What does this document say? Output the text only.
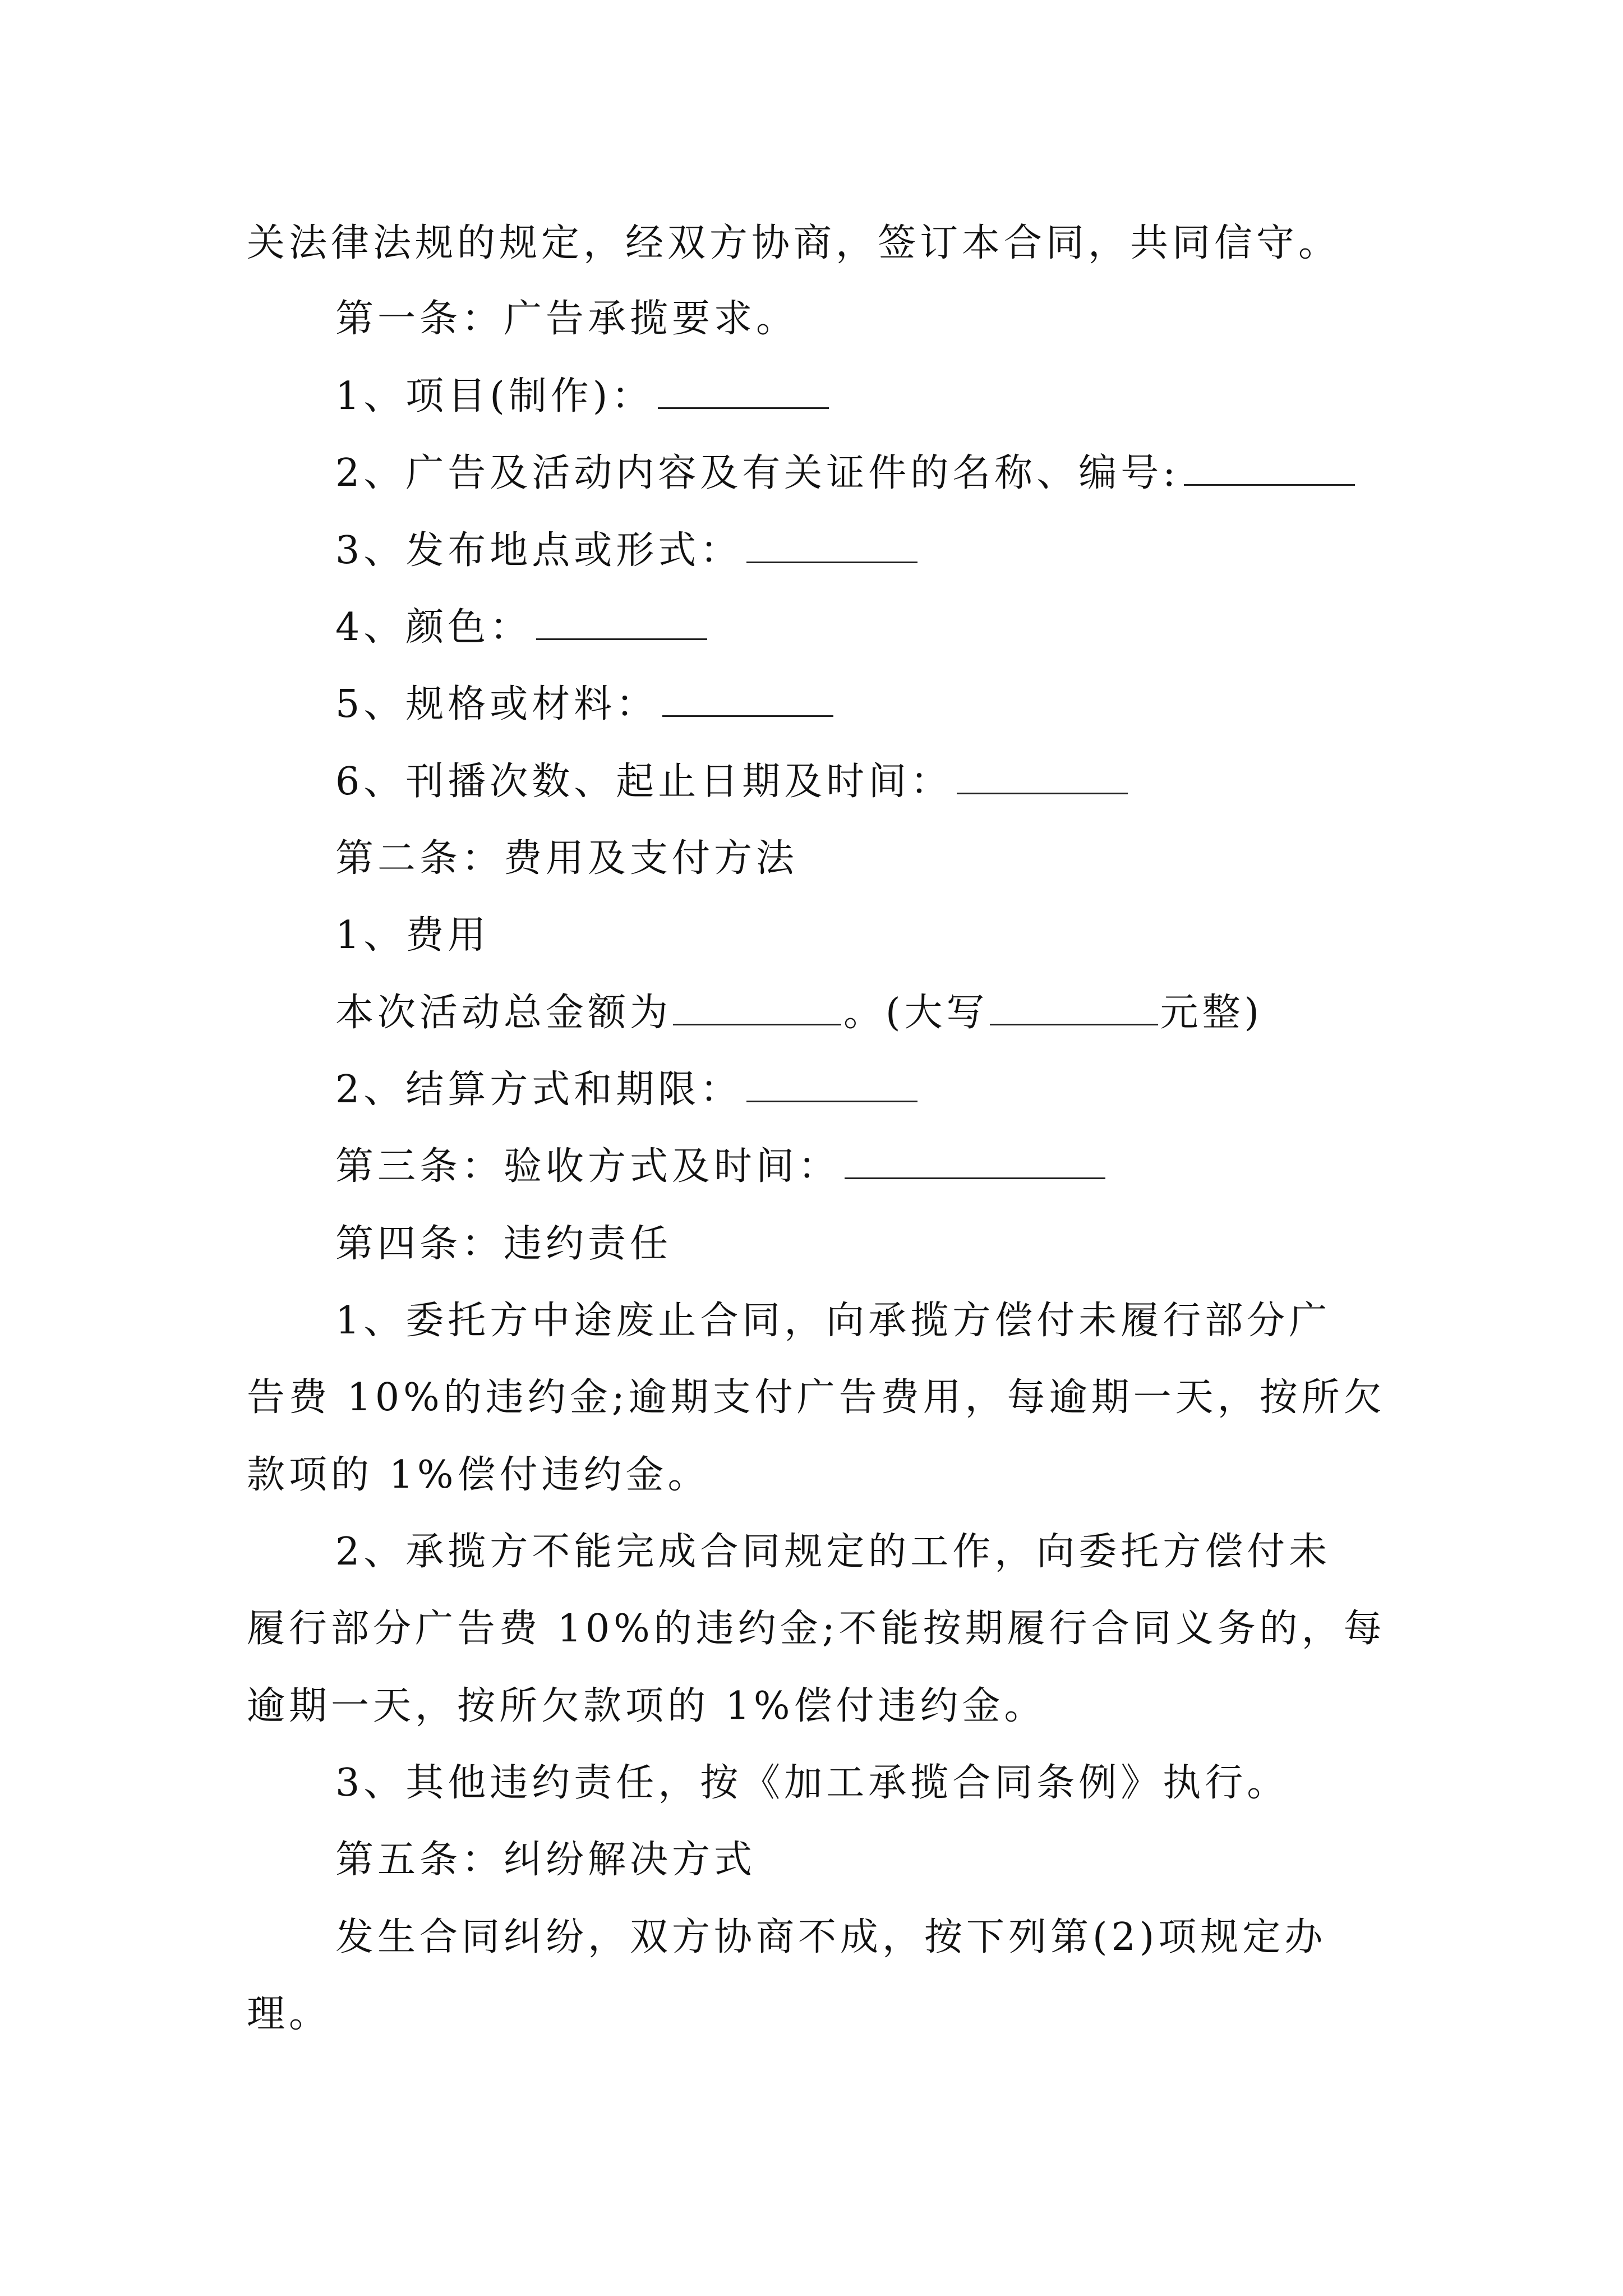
关法律法规的规定，经双方协商，签订本合同，共同信守。
第一条：广告承揽要求。
1、项目(制作)：
2、广告及活动内容及有关证件的名称、编号:
3、发布地点或形式：
4、颜色：
5、规格或材料：
6、刊播次数、起止日期及时间：
第二条：费用及支付方法
1、费用
本次活动总金额为	。(大写	元整)
2、结算方式和期限：
第三条：验收方式及时间：
第四条：违约责任
1、委托方中途废止合同，向承揽方偿付未履行部分广
告费 10%的违约金;逾期支付广告费用，每逾期一天，按所欠
款项的 1%偿付违约金。
2、承揽方不能完成合同规定的工作，向委托方偿付未
履行部分广告费 10%的违约金;不能按期履行合同义务的，每
逾期一天，按所欠款项的 1%偿付违约金。
3、其他违约责任，按《加工承揽合同条例》执行。
第五条：纠纷解决方式
发生合同纠纷，双方协商不成，按下列第(2)项规定办
理。
